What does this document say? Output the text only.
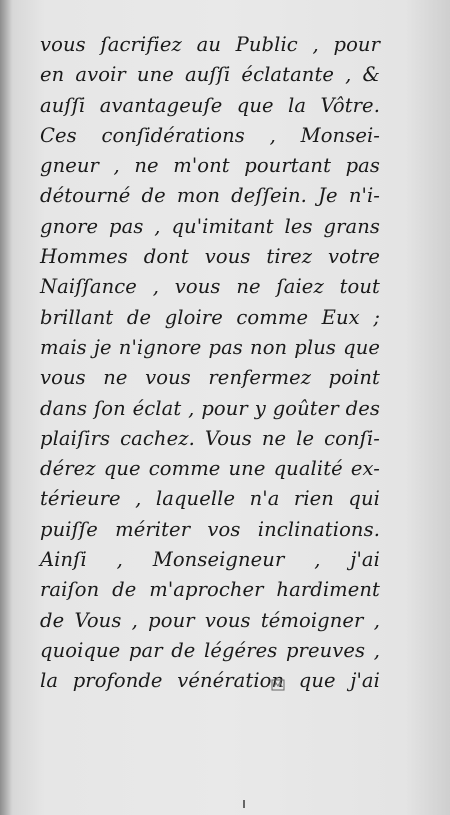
vous ſacrifiez au Public , pour
en avoir une auſſi éclatante , &
auſſi avantageuſe que la Vôtre.
Ces conſidérations , Monsei-
gneur , ne m'ont pourtant pas
détourné de mon deſſein. Je n'i-
gnore pas , qu'imitant les grans
Hommes dont vous tirez votre
Naiſſance , vous ne ſaiez tout
brillant de gloire comme Eux ;
mais je n'ignore pas non plus que
vous ne vous renfermez point
dans ſon éclat , pour y goûter des
plaiſirs cachez. Vous ne le conſi-
dérez que comme une qualité ex-
térieure , laquelle n'a rien qui
puiſſe mériter vos inclinations.
Ainſi , Monseigneur , j'ai
raiſon de m'aprocher hardiment
de Vous , pour vous témoigner ,
quoique par de légéres preuves ,
la profonde vénération que j'ai
